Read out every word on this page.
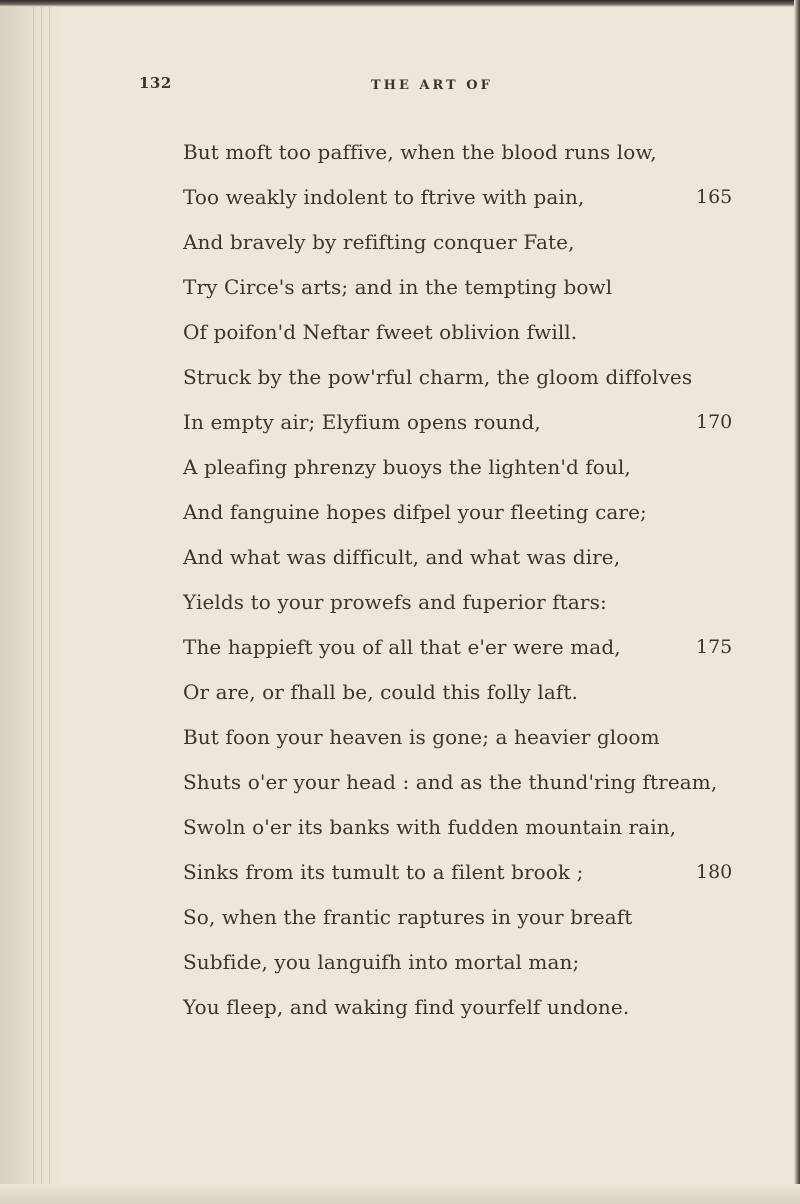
132	THE ART OF
But moft too paffive, when the blood runs low,
Too weakly indolent to ftrive with pain,
And bravely by refifting conquer Fate,
Try Circe's arts; and in the tempting bowl
Of poifon'd Neftar fweet oblivion fwill.
Struck by the pow'rful charm, the gloom diffolves
In empty air; Elyfium opens round,
A pleafing phrenzy buoys the lighten'd foul,
And fanguine hopes difpel your fleeting care;
And what was difficult, and what was dire,
Yields to your prowefs and fuperior ftars:
The happieft you of all that e'er were mad,
Or are, or fhall be, could this folly laft.
But foon your heaven is gone; a heavier gloom
Shuts o'er your head : and as the thund'ring ftream,
Swoln o'er its banks with fudden mountain rain,
Sinks from its tumult to a filent brook ;
So, when the frantic raptures in your breaft
Subfide, you languifh into mortal man;
You fleep, and waking find yourfelf undone.
165
170
175
180
